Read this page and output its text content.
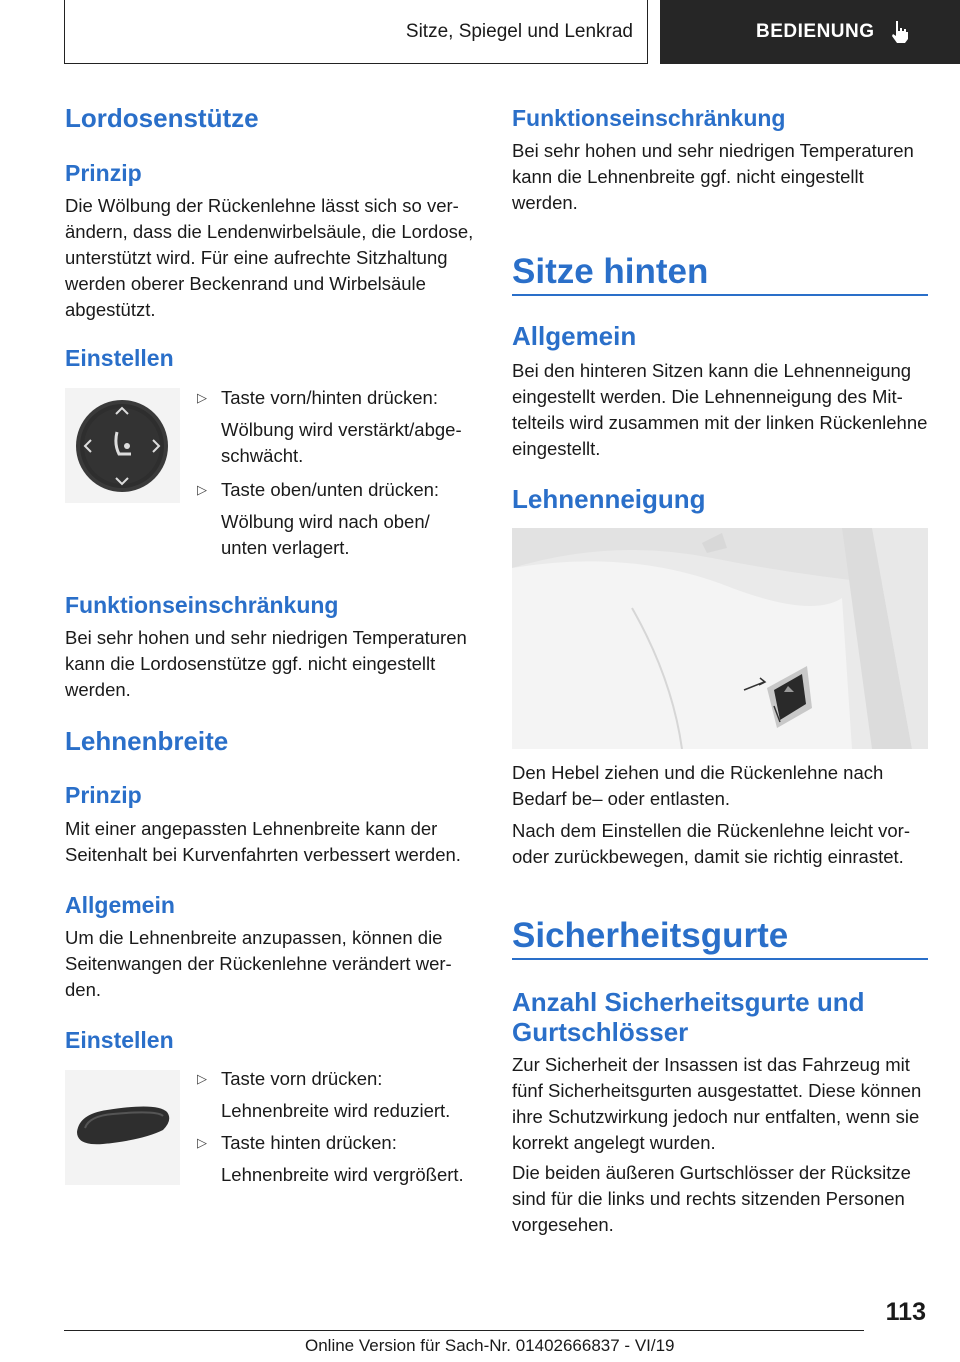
Sitze, Spiegel und Lenkrad	BEDIENUNG
Lordosenstütze
Prinzip

Die Wölbung der Rückenlehne lässt sich so verändern, dass die Lendenwirbelsäule, die Lordose, unterstützt wird. Für eine aufrechte Sitzhaltung werden oberer Beckenrand und Wirbelsäule abgestützt.

Einstellen
▷ Taste vorn/hinten drücken:
Wölbung wird verstärkt/abgeschwächt.
▷ Taste oben/unten drücken:
Wölbung wird nach oben/ unten verlagert.
Funktionseinschränkung

Bei sehr hohen und sehr niedrigen Temperaturen kann die Lordosenstütze ggf. nicht eingestellt werden.

Lehnenbreite
Prinzip

Mit einer angepassten Lehnenbreite kann der Seitenhalt bei Kurvenfahrten verbessert werden.

Allgemein

Um die Lehnenbreite anzupassen, können die Seitenwangen der Rückenlehne verändert werden.

Einstellen
▷ Taste vorn drücken:
Lehnenbreite wird reduziert.
▷ Taste hinten drücken:
Lehnenbreite wird vergrößert.
Funktionseinschränkung

Bei sehr hohen und sehr niedrigen Temperaturen kann die Lehnenbreite ggf. nicht eingestellt werden.

Sitze hinten
Allgemein

Bei den hinteren Sitzen kann die Lehnenneigung eingestellt werden. Die Lehnenneigung des Mittelteils wird zusammen mit der linken Rückenlehne eingestellt.

Lehnenneigung

Den Hebel ziehen und die Rückenlehne nach Bedarf be– oder entlasten.

Nach dem Einstellen die Rückenlehne leicht voroder zurückbewegen, damit sie richtig einrastet.

Sicherheitsgurte
Anzahl Sicherheitsgurte und Gurtschlösser

Zur Sicherheit der Insassen ist das Fahrzeug mit fünf Sicherheitsgurten ausgestattet. Diese können ihre Schutzwirkung jedoch nur entfalten, wenn sie korrekt angelegt wurden.

Die beiden äußeren Gurtschlösser der Rücksitze sind für die links und rechts sitzenden Personen vorgesehen.

113
Online Version für Sach-Nr. 01402666837 - VI/19
